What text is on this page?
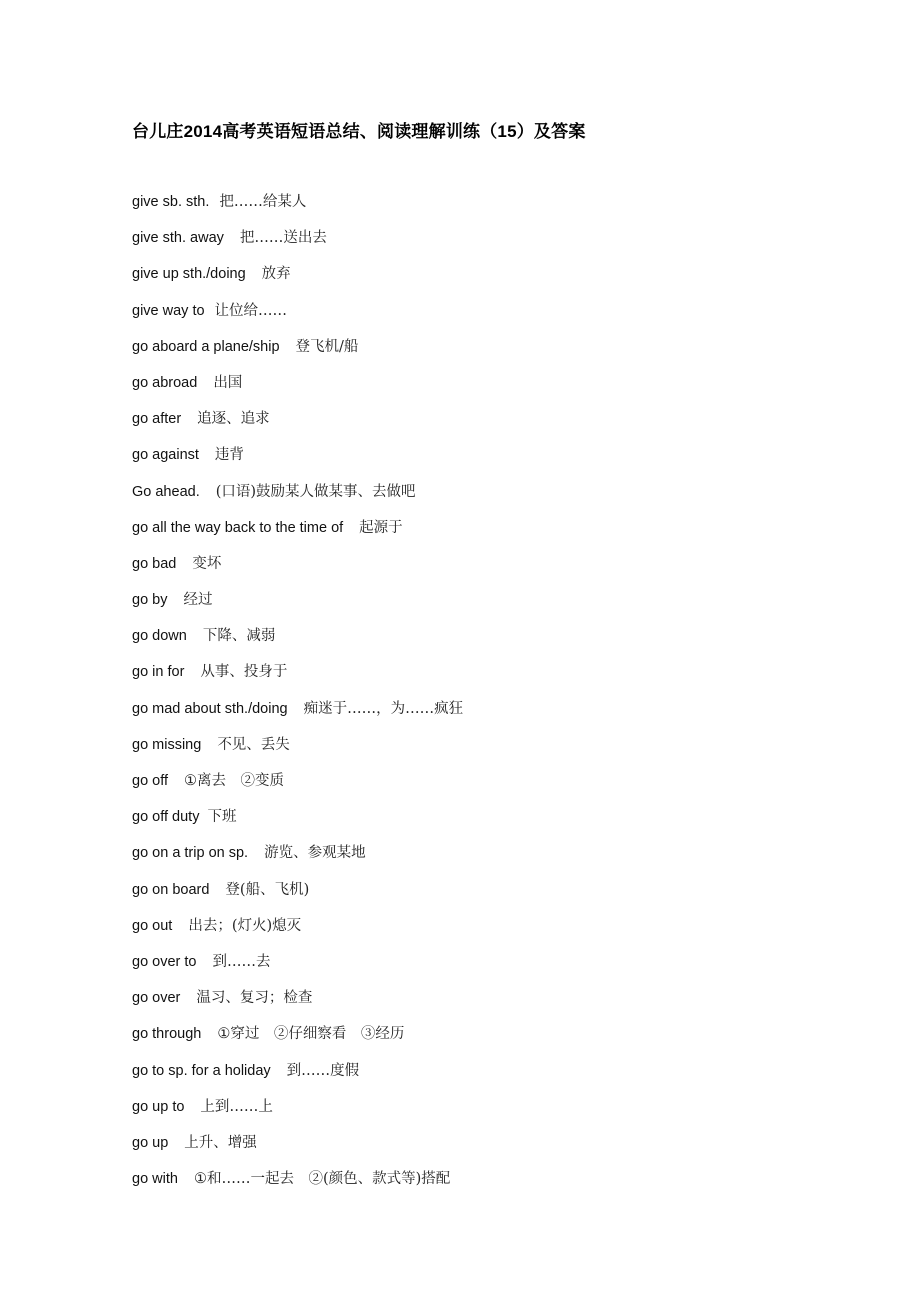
台儿庄2014高考英语短语总结、阅读理解训练（15）及答案
give sb. sth. 把……给某人
give sth. away 把……送出去
give up sth./doing 放弃
give way to 让位给……
go aboard a plane/ship 登飞机/船
go abroad 出国
go after 追逐、追求
go against 违背
Go ahead. (口语)鼓励某人做某事、去做吧
go all the way back to the time of 起源于
go bad 变坏
go by 经过
go down 下降、减弱
go in for 从事、投身于
go mad about sth./doing 痴迷于……，为……疯狂
go missing 不见、丢失
go off ①离去　②变质
go off duty 下班
go on a trip on sp. 游览、参观某地
go on board 登(船、飞机)
go out 出去；(灯火)熄灭
go over to 到……去
go over 温习、复习；检查
go through ①穿过　②仔细察看　③经历
go to sp. for a holiday 到……度假
go up to 上到……上
go up 上升、增强
go with ①和……一起去　②(颜色、款式等)搭配
